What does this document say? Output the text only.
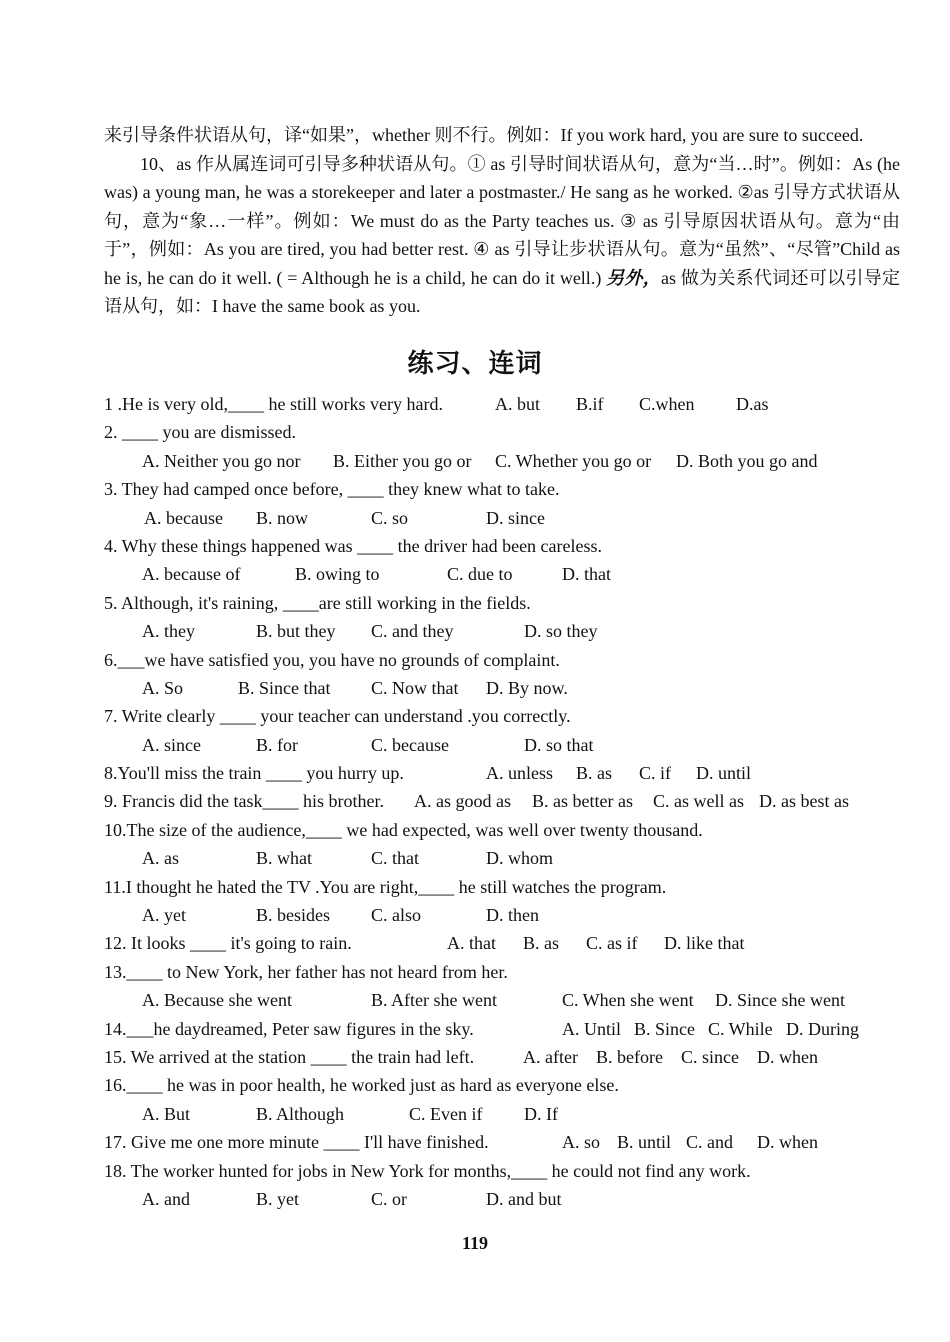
来引导条件状语从句，译“如果”，whether 则不行。例如：If you work hard, you are sure to succeed.

10、as 作从属连词可引导多种状语从句。① as 引导时间状语从句，意为“当…时”。例如：As (he was) a young man, he was a storekeeper and later a postmaster./ He sang as he worked. ②as 引导方式状语从句，意为“象…一样”。例如：We must do as the Party teaches us. ③ as 引导原因状语从句。意为“由于”，例如：As you are tired, you had better rest. ④ as 引导让步状语从句。意为“虽然”、“尽管”Child as he is, he can do it well. ( = Although he is a child, he can do it well.) 另外，as 做为关系代词还可以引导定语从句，如：I have the same book as you.

练习、连词
1 .He is very old,____ he still works very hard.	A. but B.if C.when D.as
2. ____ you are dismissed.
A. Neither you go nor B. Either you go or C. Whether you go or D. Both you go and
3. They had camped once before, ____ they knew what to take.
A. because B. now	C. so	D. since
4. Why these things happened was ____ the driver had been careless.
A. because of	B. owing to	C. due to	D. that
5. Although, it's raining, ____are still working in the fields.
A. they	B. but they C. and they	D. so they
6.___we have satisfied you, you have no grounds of complaint.
A. So	B. Since that C. Now that D. By now.
7. Write clearly ____ your teacher can understand .you correctly.
A. since	B. for	C. because	D. so that
8.You'll miss the train ____ you hurry up.	A. unless B. as C. if D. until
9. Francis did the task____ his brother. A. as good as B. as better as C. as well as D. as best as
10.The size of the audience,____ we had expected, was well over twenty thousand.
A. as	B. what	C. that	D. whom
11.I thought he hated the TV .You are right,____ he still watches the program.
A. yet	B. besides C. also	D. then
12. It looks ____ it's going to rain.	A. that B. as C. as if D. like that
13.____ to New York, her father has not heard from her.
A. Because she went	B. After she went	C. When she went D. Since she went
14.___he daydreamed, Peter saw figures in the sky.	A. Until B. Since C. While D. During
15. We arrived at the station ____ the train had left.	A. after B. before C. since D. when
16.____ he was in poor health, he worked just as hard as everyone else.
A. But	B. Although	C. Even if D. If
17. Give me one more minute ____ I'll have finished.	A. so B. until C. and D. when
18. The worker hunted for jobs in New York for months,____ he could not find any work.
A. and	B. yet	C. or	D. and but
119
